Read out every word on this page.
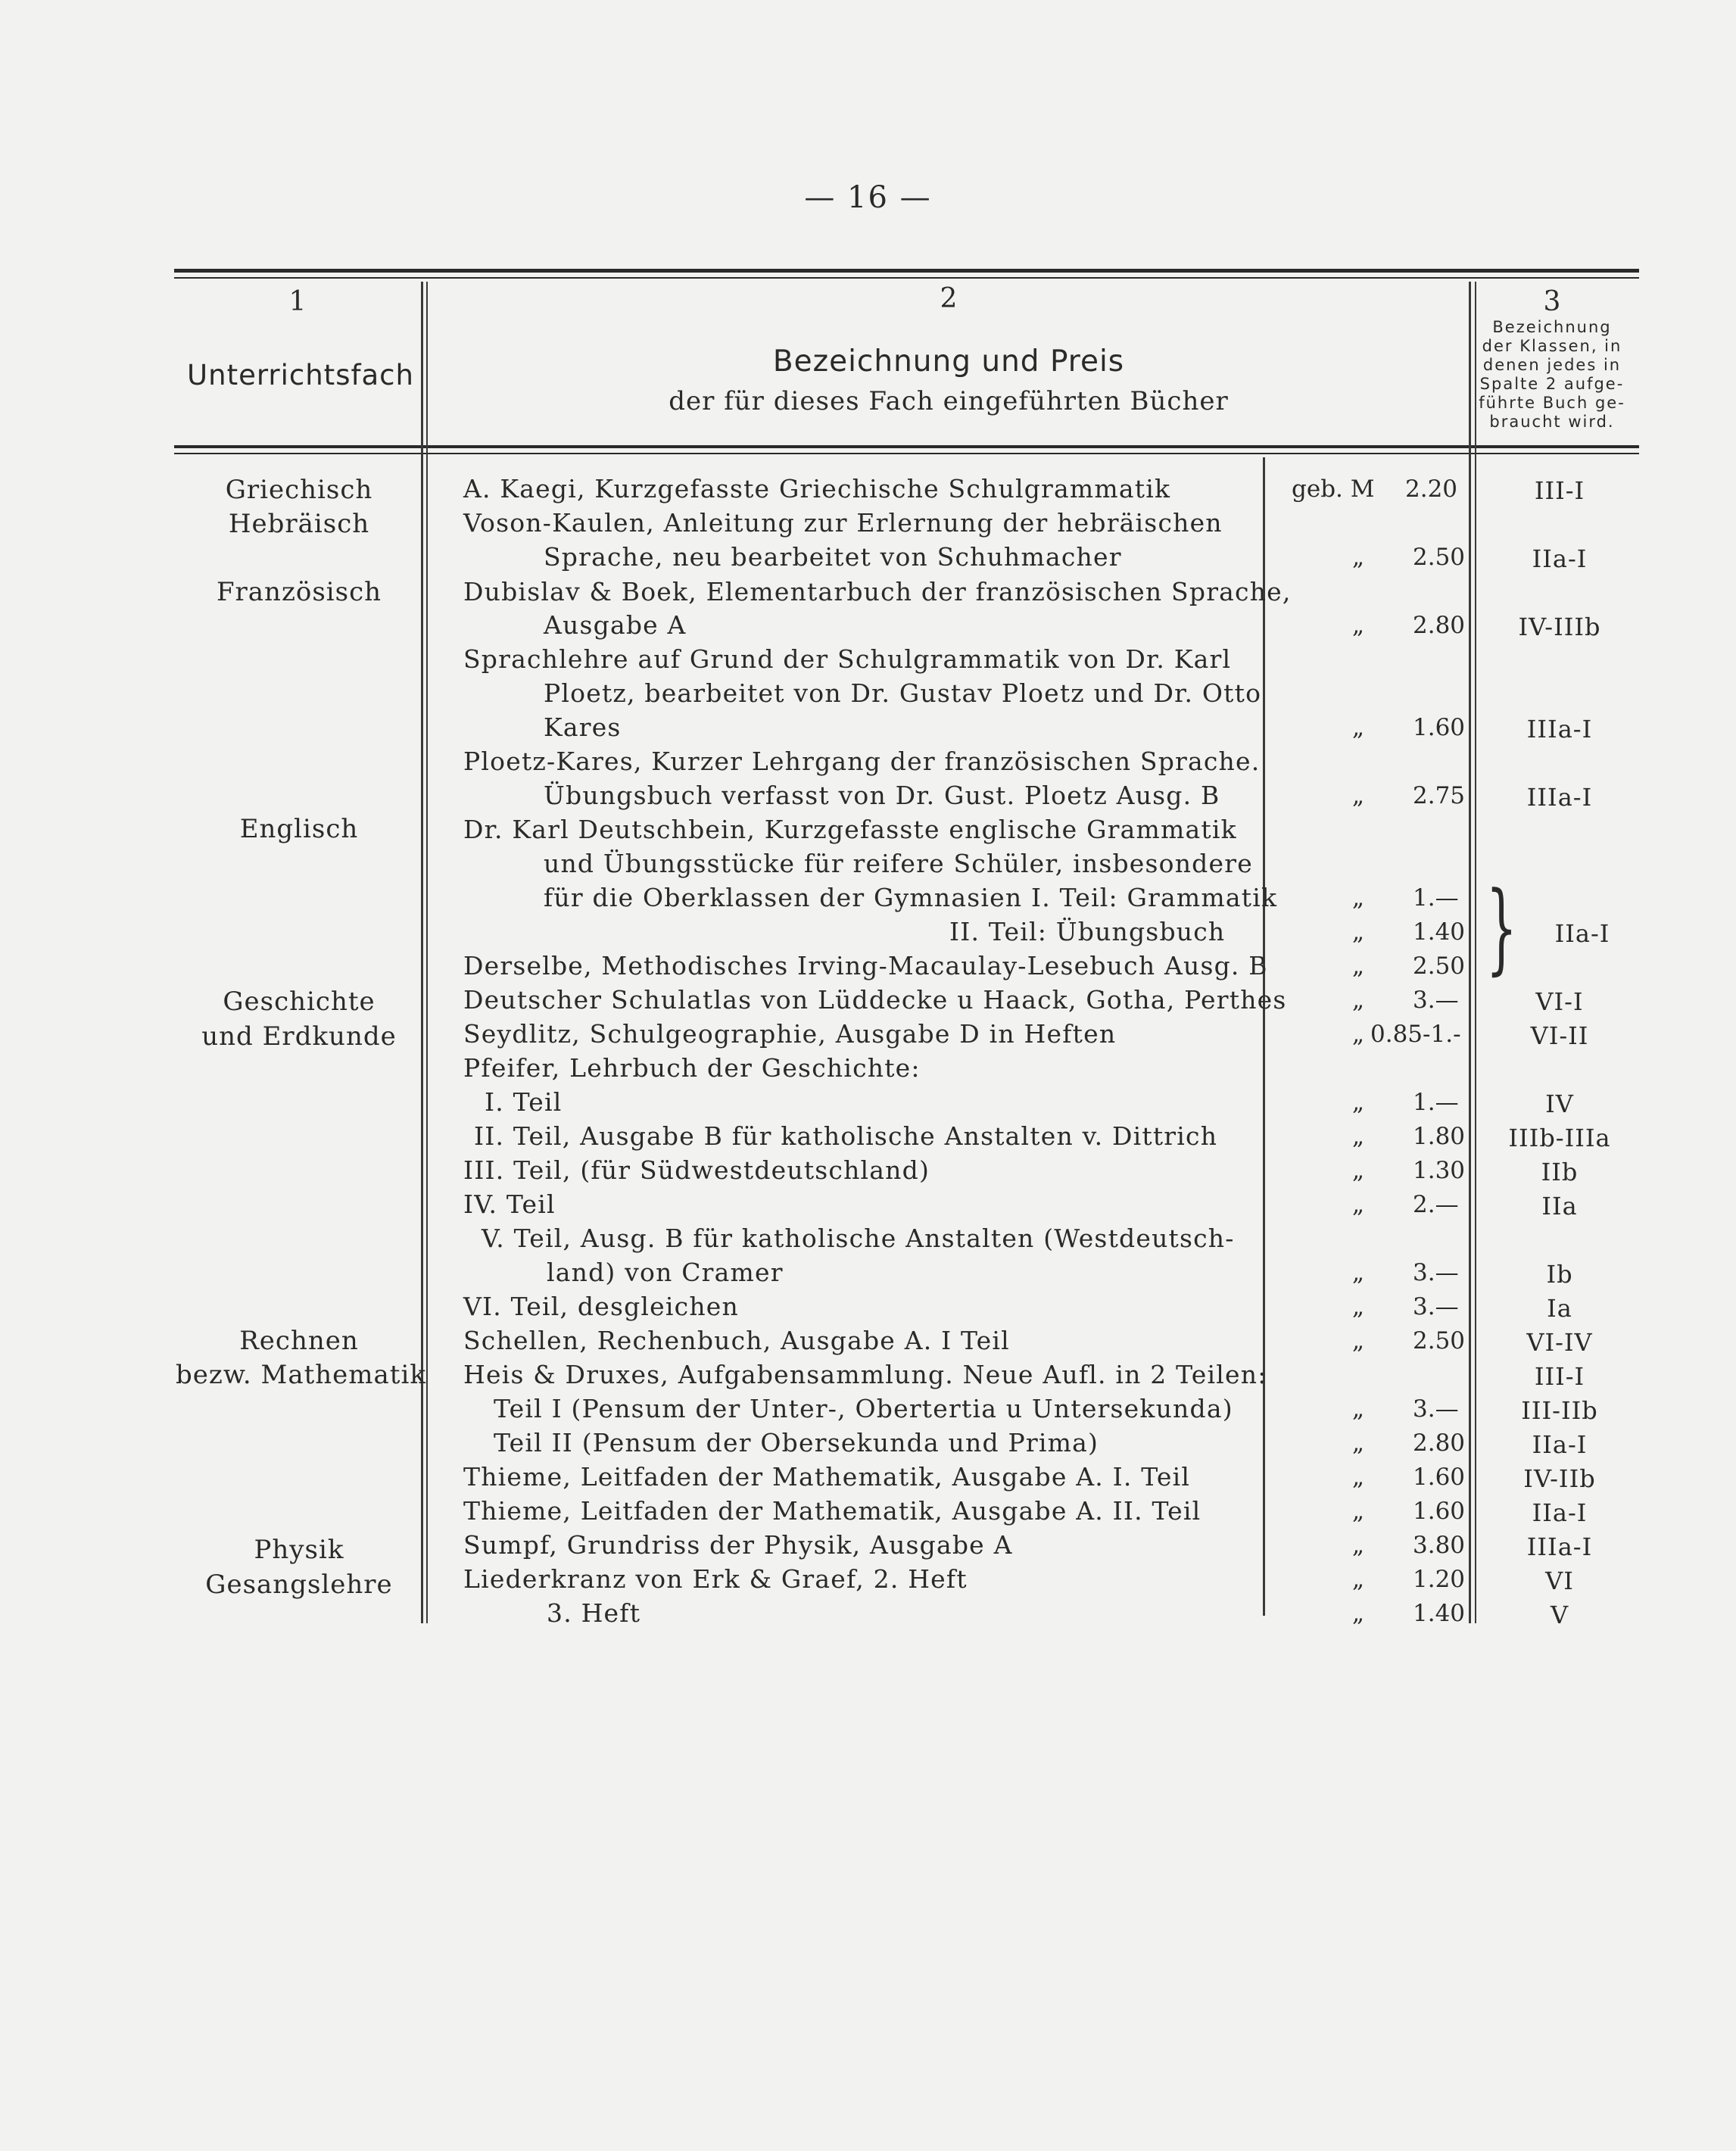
— 16 —
1
Unterrichtsfach
2
Bezeichnung und Preis
der für dieses Fach eingeführten Bücher
3
Bezeichnung
der Klassen, in
denen jedes in
Spalte 2 aufge-
führte Buch ge-
braucht wird.
Griechisch
Hebräisch
Französisch
Englisch
Geschichte
und Erdkunde
Rechnen
bezw. Mathematik
Physik
Gesangslehre
A. Kaegi, Kurzgefasste Griechische Schulgrammatik
Voson-Kaulen, Anleitung zur Erlernung der hebräischen
Sprache, neu bearbeitet von Schuhmacher
Dubislav & Boek, Elementarbuch der französischen Sprache,
Ausgabe A
Sprachlehre auf Grund der Schulgrammatik von Dr. Karl
Ploetz, bearbeitet von Dr. Gustav Ploetz und Dr. Otto
Kares
Ploetz-Kares, Kurzer Lehrgang der französischen Sprache.
Übungsbuch verfasst von Dr. Gust. Ploetz Ausg. B
Dr. Karl Deutschbein, Kurzgefasste englische Grammatik
und Übungsstücke für reifere Schüler, insbesondere
für die Oberklassen der Gymnasien I. Teil: Grammatik
II. Teil: Übungsbuch
Derselbe, Methodisches Irving-Macaulay-Lesebuch Ausg. B
Deutscher Schulatlas von Lüddecke u Haack, Gotha, Perthes
Seydlitz, Schulgeographie, Ausgabe D in Heften
Pfeifer, Lehrbuch der Geschichte:
I. Teil
II. Teil, Ausgabe B für katholische Anstalten v. Dittrich
III. Teil, (für Südwestdeutschland)
IV. Teil
V. Teil, Ausg. B für katholische Anstalten (Westdeutsch-
land) von Cramer
VI. Teil, desgleichen
Schellen, Rechenbuch, Ausgabe A. I Teil
Heis & Druxes, Aufgabensammlung. Neue Aufl. in 2 Teilen:
Teil I (Pensum der Unter-, Obertertia u Untersekunda)
Teil II (Pensum der Obersekunda und Prima)
Thieme, Leitfaden der Mathematik, Ausgabe A. I. Teil
Thieme, Leitfaden der Mathematik, Ausgabe A. II. Teil
Sumpf, Grundriss der Physik, Ausgabe A
Liederkranz von Erk & Graef, 2. Heft
3. Heft
geb. M 2.20
„ 2.50
„ 2.80
„ 1.60
„ 2.75
„ 1.—
„ 1.40
„ 2.50
„ 3.—
„ 0.85-1.-
„ 1.—
„ 1.80
„ 1.30
„ 2.—
„ 3.—
„ 3.—
„ 2.50
„ 3.—
„ 2.80
„ 1.60
„ 1.60
„ 3.80
„ 1.20
„ 1.40
}
III-I
IIa-I
IV-IIIb
IIIa-I
IIIa-I
IIa-I
VI-I
VI-II
IV
IIIb-IIIa
IIb
IIa
Ib
Ia
VI-IV
III-I
III-IIb
IIa-I
IV-IIb
IIa-I
IIIa-I
VI
V
